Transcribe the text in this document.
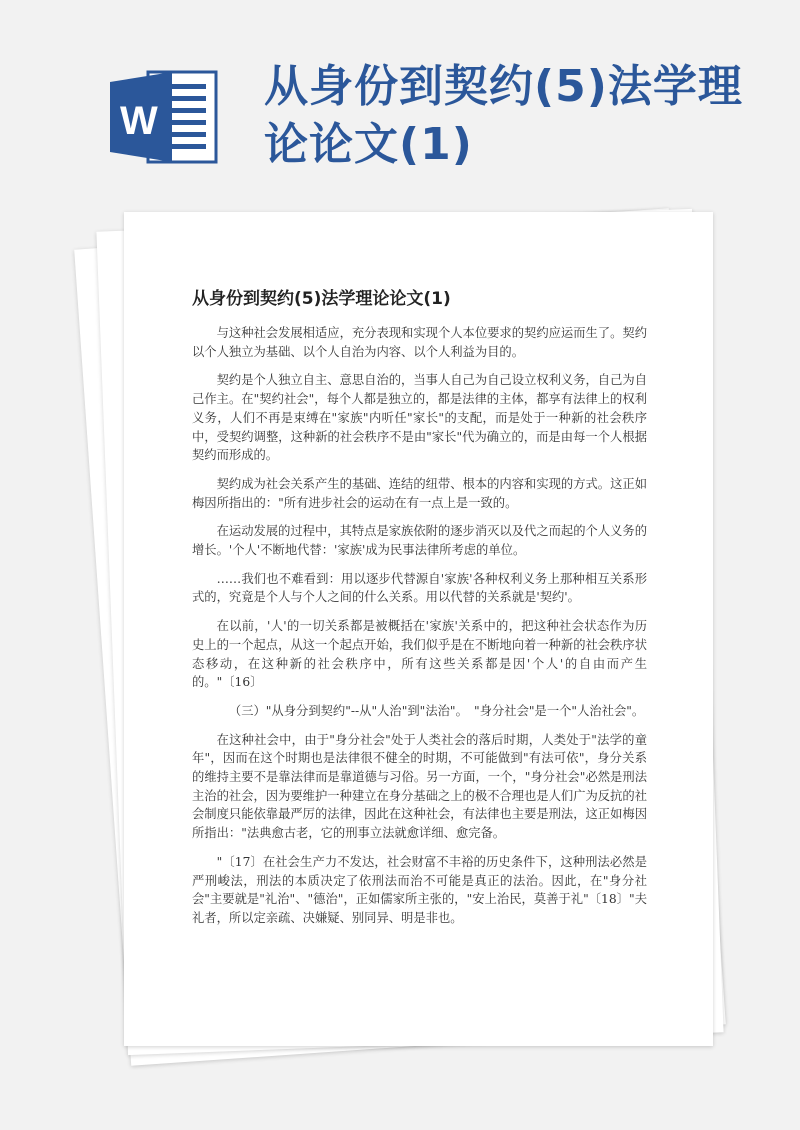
W
从身份到契约(5)法学理论论文(1)
从身份到契约(5)法学理论论文(1)

与这种社会发展相适应，充分表现和实现个人本位要求的契约应运而生了。契约以个人独立为基础、以个人自治为内容、以个人利益为目的。

契约是个人独立自主、意思自治的，当事人自己为自己设立权利义务，自己为自己作主。在"契约社会"，每个人都是独立的，都是法律的主体，都享有法律上的权利义务，人们不再是束缚在"家族"内听任"家长"的支配，而是处于一种新的社会秩序中，受契约调整，这种新的社会秩序不是由"家长"代为确立的，而是由每一个人根据契约而形成的。

契约成为社会关系产生的基础、连结的纽带、根本的内容和实现的方式。这正如梅因所指出的："所有进步社会的运动在有一点上是一致的。

在运动发展的过程中，其特点是家族依附的逐步消灭以及代之而起的个人义务的增长。'个人'不断地代替：'家族'成为民事法律所考虑的单位。

……我们也不难看到：用以逐步代替源自'家族'各种权利义务上那种相互关系形式的，究竟是个人与个人之间的什么关系。用以代替的关系就是'契约'。

在以前，'人'的一切关系都是被概括在'家族'关系中的，把这种社会状态作为历史上的一个起点，从这一个起点开始，我们似乎是在不断地向着一种新的社会秩序状态移动，在这种新的社会秩序中，所有这些关系都是因'个人'的自由而产生的。"〔16〕

（三）"从身分到契约"--从"人治"到"法治"。　"身分社会"是一个"人治社会"。

在这种社会中，由于"身分社会"处于人类社会的落后时期，人类处于"法学的童年"，因而在这个时期也是法律很不健全的时期，不可能做到"有法可依"，身分关系的维持主要不是靠法律而是靠道德与习俗。另一方面，一个，"身分社会"必然是刑法主治的社会，因为要维护一种建立在身分基础之上的极不合理也是人们广为反抗的社会制度只能依靠最严厉的法律，因此在这种社会，有法律也主要是刑法，这正如梅因所指出："法典愈古老，它的刑事立法就愈详细、愈完备。

"〔17〕在社会生产力不发达，社会财富不丰裕的历史条件下，这种刑法必然是严刑峻法，刑法的本质决定了依刑法而治不可能是真正的法治。因此，在"身分社会"主要就是"礼治"、"德治"，正如儒家所主张的，"安上治民，莫善于礼"〔18〕"夫礼者，所以定亲疏、决嫌疑、别同异、明是非也。
